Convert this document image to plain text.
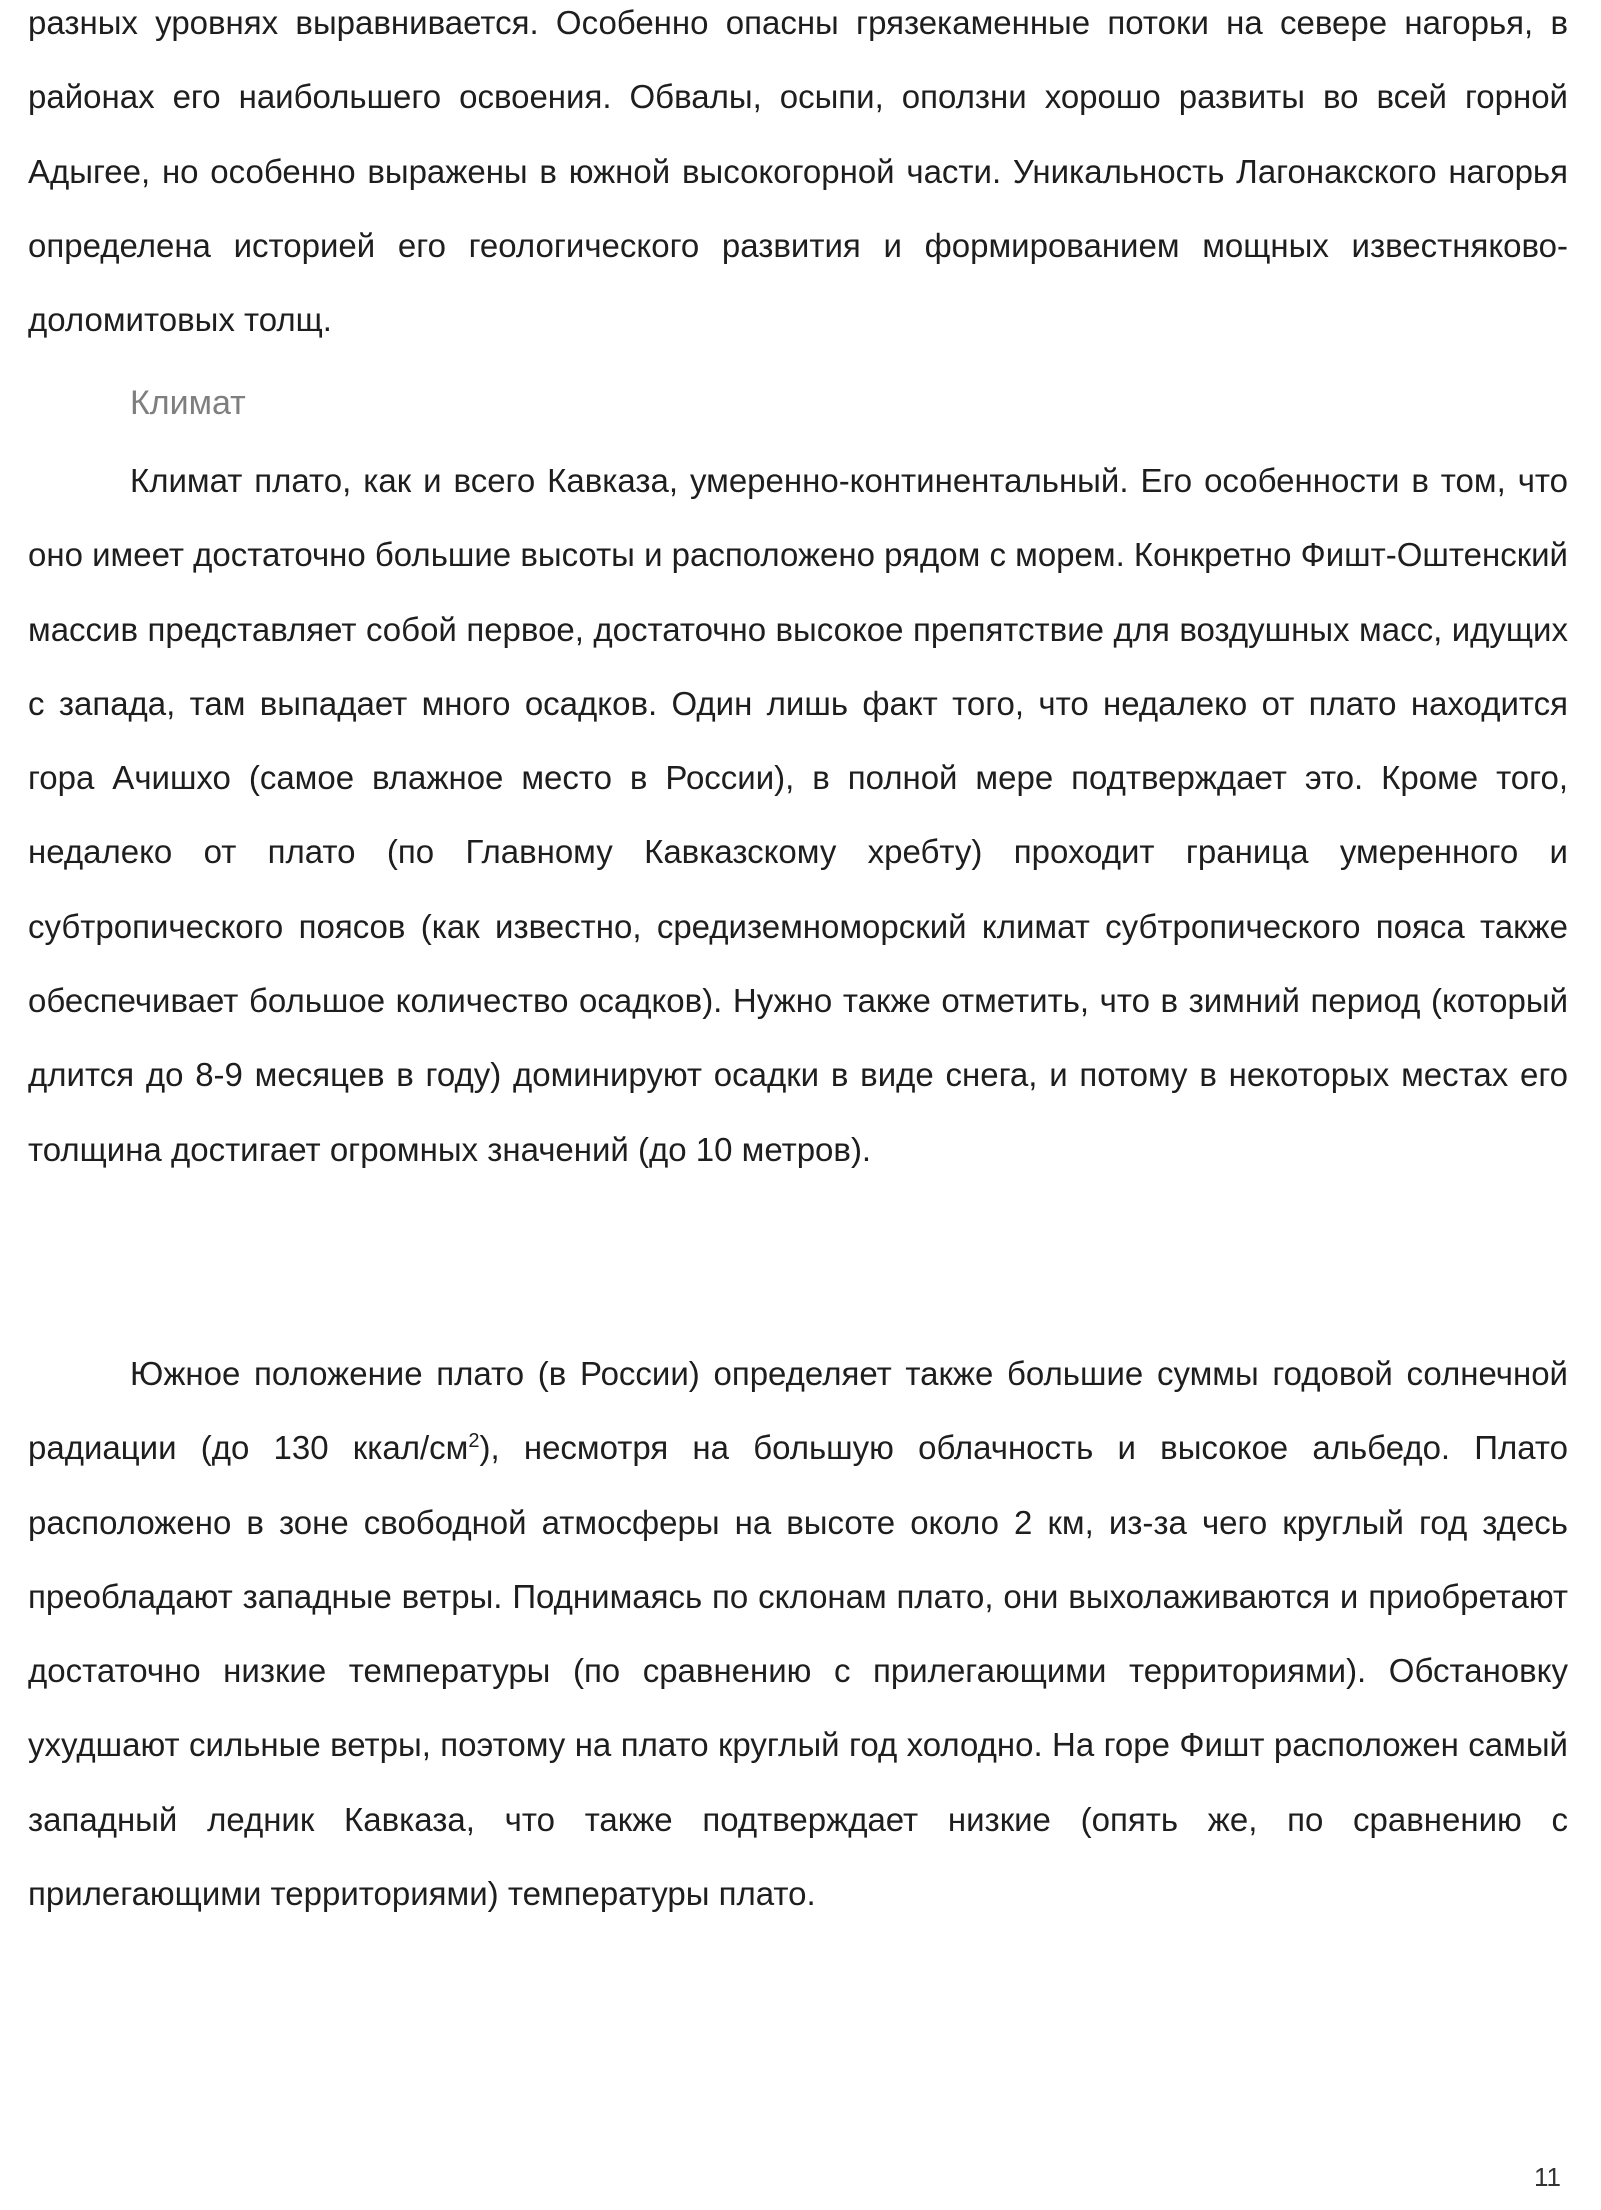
разных уровнях выравнивается. Особенно опасны грязекаменные потоки на севере нагорья, в районах его наибольшего освоения. Обвалы, осыпи, оползни хорошо развиты во всей горной Адыгее, но особенно выражены в южной высокогорной части. Уникальность Лагонакского нагорья определена историей его геологического развития и формированием мощных известняково-доломитовых толщ.

Климат

Климат плато, как и всего Кавказа, умеренно-континентальный. Его особенности в том, что оно имеет достаточно большие высоты и расположено рядом с морем. Конкретно Фишт-Оштенский массив представляет собой первое, достаточно высокое препятствие для воздушных масс, идущих с запада, там выпадает много осадков. Один лишь факт того, что недалеко от плато находится гора Ачишхо (самое влажное место в России), в полной мере подтверждает это. Кроме того, недалеко от плато (по Главному Кавказскому хребту) проходит граница умеренного и субтропического поясов (как известно, средиземноморский климат субтропического пояса также обеспечивает большое количество осадков). Нужно также отметить, что в зимний период (который длится до 8-9 месяцев в году) доминируют осадки в виде снега, и потому в некоторых местах его толщина достигает огромных значений (до 10 метров).

Южное положение плато (в России) определяет также большие суммы годовой солнечной радиации (до 130 ккал/$см^2$), несмотря на большую облачность и высокое альбедо. Плато расположено в зоне свободной атмосферы на высоте около 2 км, из-за чего круглый год здесь преобладают западные ветры. Поднимаясь по склонам плато, они выхолаживаются и приобретают достаточно низкие температуры (по сравнению с прилегающими территориями). Обстановку ухудшают сильные ветры, поэтому на плато круглый год холодно. На горе Фишт расположен самый западный ледник Кавказа, что также подтверждает низкие (опять же, по сравнению с прилегающими территориями) температуры плато.

11
